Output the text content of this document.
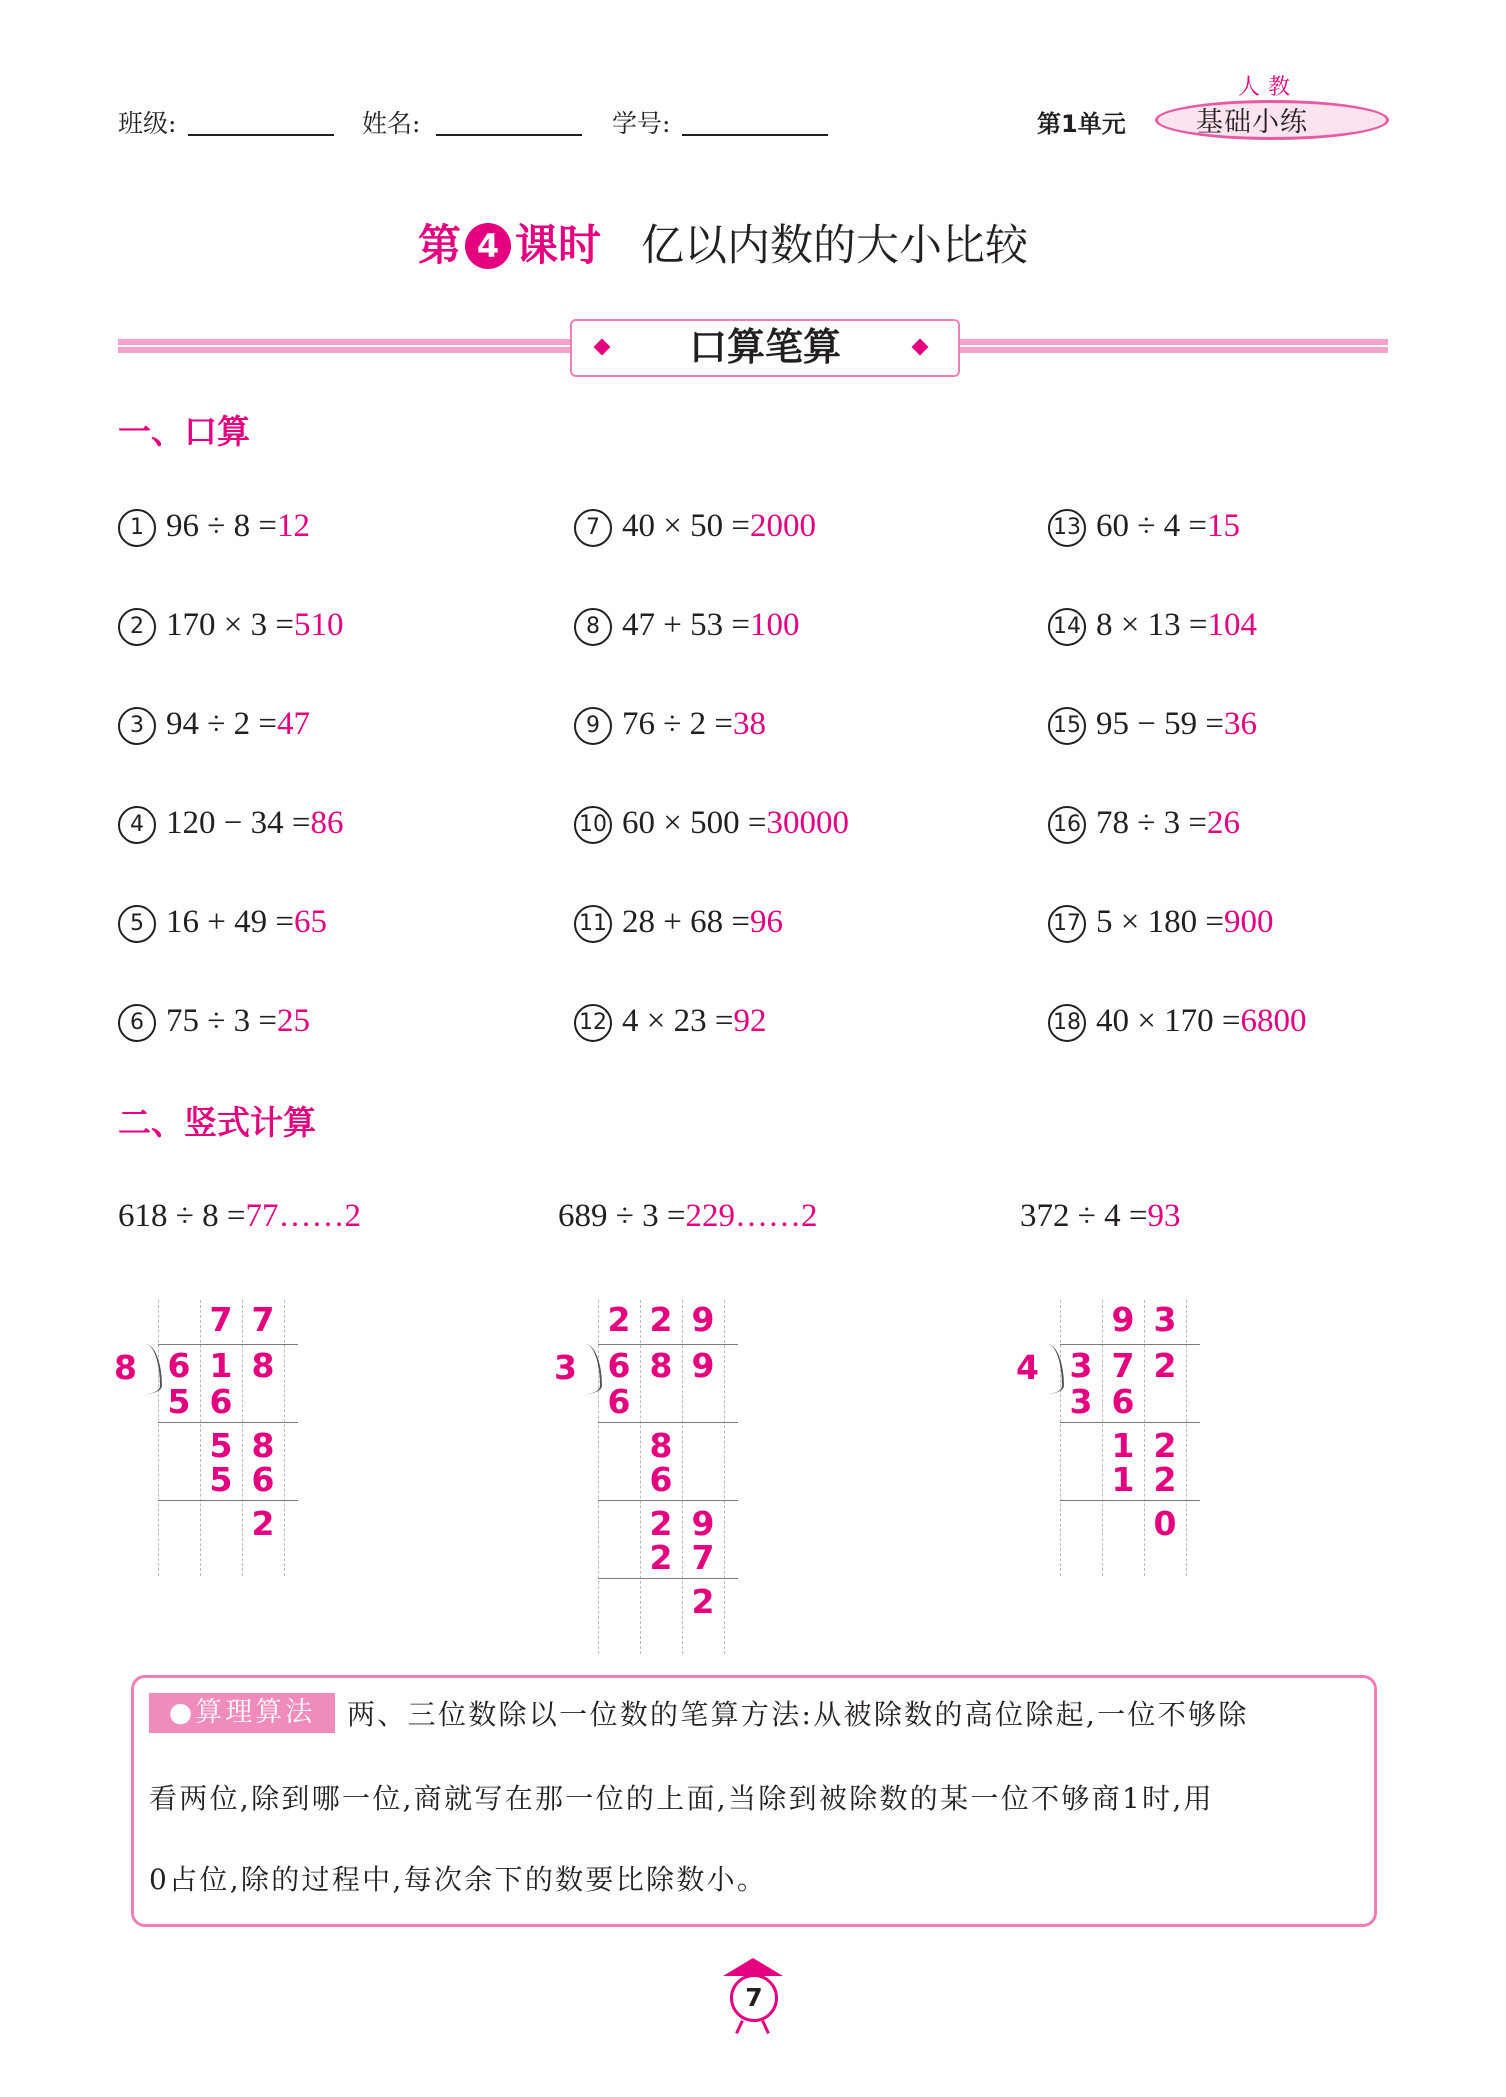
班级:	姓名:	学号:	第1单元
人教
基础小练
第 4 课时 亿以内数的大小比较
口算笔算
一、口算
1 96 ÷ 8 =12
2 170 × 3 =510
3 94 ÷ 2 =47
4 120 − 34 =86
5 16 + 49 =65
6 75 ÷ 3 =25
7 40 × 50 =2000
8 47 + 53 =100
9 76 ÷ 2 =38
10 60 × 500 =30000
11 28 + 68 =96
12 4 × 23 =92
13 60 ÷ 4 =15
14 8 × 13 =104
15 95 − 59 =36
16 78 ÷ 3 =26
17 5 × 180 =900
18 40 × 170 =6800
二、竖式计算
618 ÷ 8 =77……2
8
7 7
6 1 8
5 6
5 8
5 6
2
689 ÷ 3 =229……2
3
2 2 9
6 8 9
6
8
6
2 9
2 7
2
372 ÷ 4 =93
4
9 3
3 7 2
3 6
1 2
1 2
0
●算理算法	两、三位数除以一位数的笔算方法:从被除数的高位除起,一位不够除
看两位,除到哪一位,商就写在那一位的上面,当除到被除数的某一位不够商1时,用
0占位,除的过程中,每次余下的数要比除数小。
7
